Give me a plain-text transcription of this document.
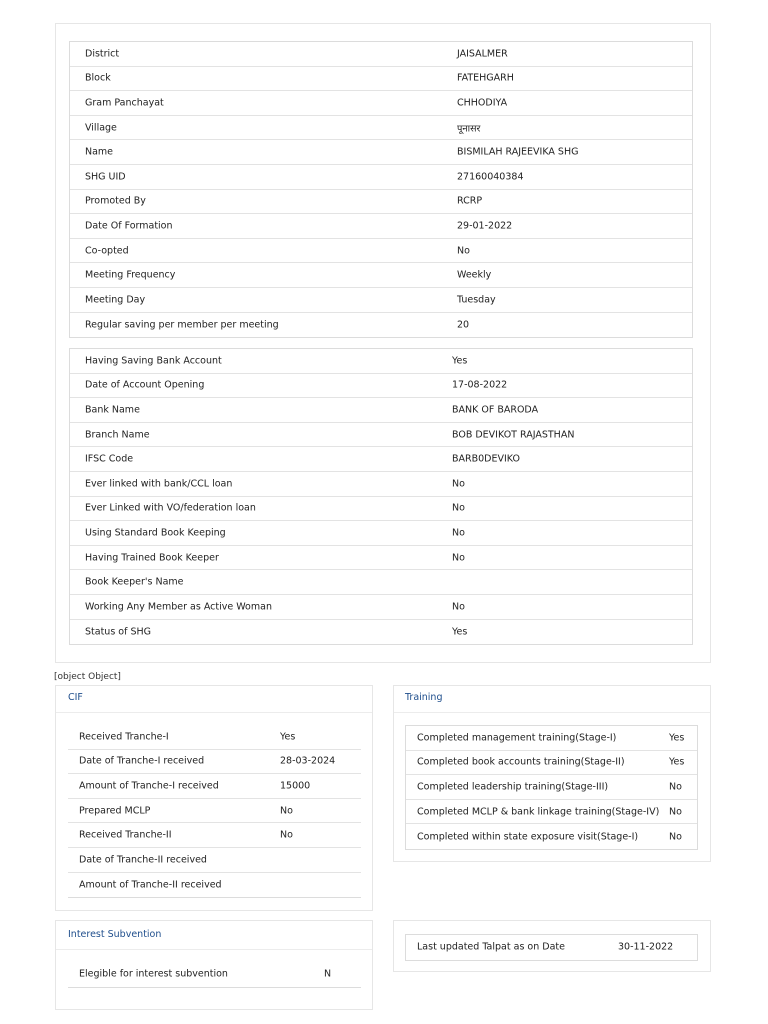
District	JAISALMER
Block	FATEHGARH
Gram Panchayat	CHHODIYA
Village	पूनासर
Name	BISMILAH RAJEEVIKA SHG
SHG UID	27160040384
Promoted By	RCRP
Date Of Formation	29-01-2022
Co-opted	No
Meeting Frequency	Weekly
Meeting Day	Tuesday
Regular saving per member per meeting	20
Having Saving Bank Account	Yes
Date of Account Opening	17-08-2022
Bank Name	BANK OF BARODA
Branch Name	BOB DEVIKOT RAJASTHAN
IFSC Code	BARB0DEVIKO
Ever linked with bank/CCL loan	No
Ever Linked with VO/federation loan	No
Using Standard Book Keeping	No
Having Trained Book Keeper	No
Book Keeper's Name
Working Any Member as Active Woman	No
Status of SHG	Yes
[object Object]
CIF
Received Tranche-I	Yes
Date of Tranche-I received	28-03-2024
Amount of Tranche-I received	15000
Prepared MCLP	No
Received Tranche-II	No
Date of Tranche-II received
Amount of Tranche-II received
Training
Completed management training(Stage-I)	Yes
Completed book accounts training(Stage-II)	Yes
Completed leadership training(Stage-III)	No
Completed MCLP & bank linkage training(Stage-IV) No
Completed within state exposure visit(Stage-I)	No
Interest Subvention
Elegible for interest subvention	N
Last updated Talpat as on Date	30-11-2022
